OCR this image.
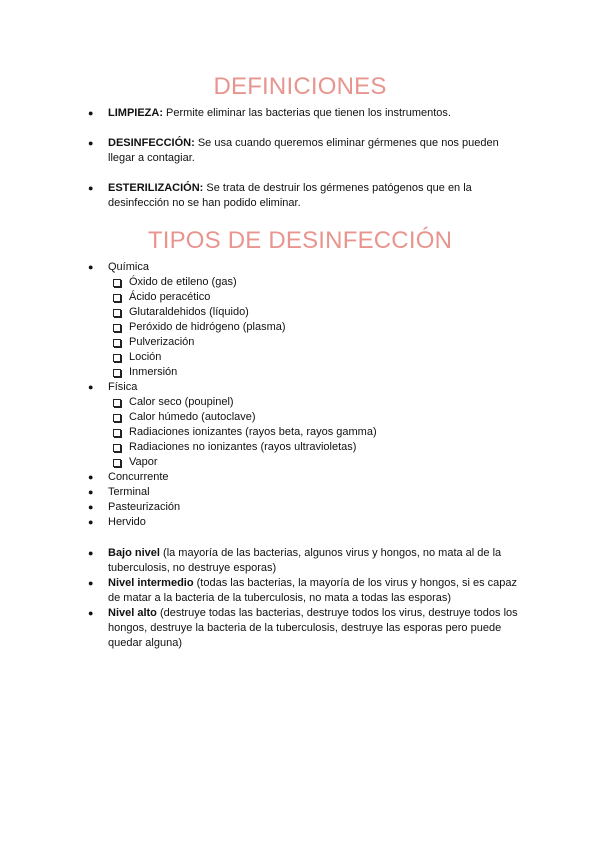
DEFINICIONES
● LIMPIEZA: Permite eliminar las bacterias que tienen los instrumentos.
● DESINFECCIÓN: Se usa cuando queremos eliminar gérmenes que nos pueden llegar a contagiar.
● ESTERILIZACIÓN: Se trata de destruir los gérmenes patógenos que en la desinfección no se han podido eliminar.
TIPOS DE DESINFECCIÓN
● Química
Óxido de etileno (gas)
Ácido peracético
Glutaraldehidos (líquido)
Peróxido de hidrógeno (plasma)
Pulverización
Loción
Inmersión
● Física
Calor seco (poupinel)
Calor húmedo (autoclave)
Radiaciones ionizantes (rayos beta, rayos gamma)
Radiaciones no ionizantes (rayos ultravioletas)
Vapor
● Concurrente
● Terminal
● Pasteurización
● Hervido
● Bajo nivel (la mayoría de las bacterias, algunos virus y hongos, no mata al de la tuberculosis, no destruye esporas)
● Nivel intermedio (todas las bacterias, la mayoría de los virus y hongos, si es capaz de matar a la bacteria de la tuberculosis, no mata a todas las esporas)
● Nivel alto (destruye todas las bacterias, destruye todos los virus, destruye todos los hongos, destruye la bacteria de la tuberculosis, destruye las esporas pero puede quedar alguna)
